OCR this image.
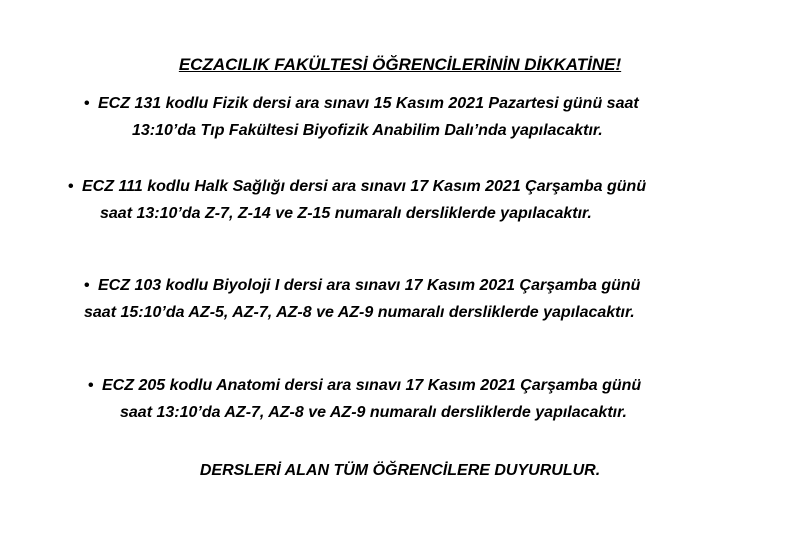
ECZACILIK FAKÜLTESİ ÖĞRENCİLERİNİN DİKKATİNE!
• ECZ 131 kodlu Fizik dersi ara sınavı 15 Kasım 2021 Pazartesi günü saat
13:10’da Tıp Fakültesi Biyofizik Anabilim Dalı’nda yapılacaktır.
• ECZ 111 kodlu Halk Sağlığı dersi ara sınavı 17 Kasım 2021 Çarşamba günü
saat 13:10’da Z-7, Z-14 ve Z-15 numaralı dersliklerde yapılacaktır.
• ECZ 103 kodlu Biyoloji I dersi ara sınavı 17 Kasım 2021 Çarşamba günü
saat 15:10’da AZ-5, AZ-7, AZ-8 ve AZ-9 numaralı dersliklerde yapılacaktır.
• ECZ 205 kodlu Anatomi dersi ara sınavı 17 Kasım 2021 Çarşamba günü
saat 13:10’da AZ-7, AZ-8 ve AZ-9 numaralı dersliklerde yapılacaktır.
DERSLERİ ALAN TÜM ÖĞRENCİLERE DUYURULUR.
